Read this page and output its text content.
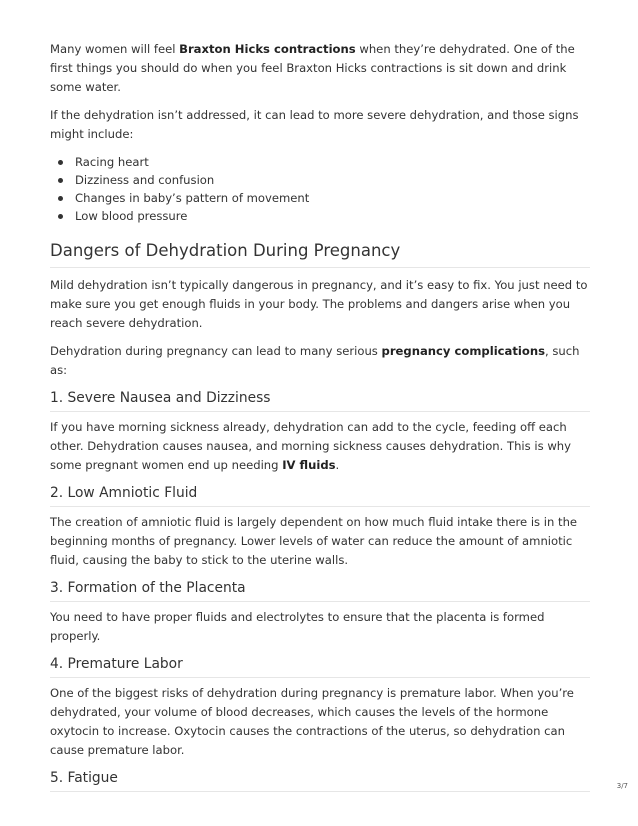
Many women will feel Braxton Hicks contractions when they’re dehydrated. One of the first things you should do when you feel Braxton Hicks contractions is sit down and drink some water.

If the dehydration isn’t addressed, it can lead to more severe dehydration, and those signs might include:

Racing heart
Dizziness and confusion
Changes in baby’s pattern of movement
Low blood pressure
Dangers of Dehydration During Pregnancy

Mild dehydration isn’t typically dangerous in pregnancy, and it’s easy to fix. You just need to make sure you get enough fluids in your body. The problems and dangers arise when you reach severe dehydration.

Dehydration during pregnancy can lead to many serious pregnancy complications, such as:

1. Severe Nausea and Dizziness

If you have morning sickness already, dehydration can add to the cycle, feeding off each other. Dehydration causes nausea, and morning sickness causes dehydration. This is why some pregnant women end up needing IV fluids.

2. Low Amniotic Fluid

The creation of amniotic fluid is largely dependent on how much fluid intake there is in the beginning months of pregnancy. Lower levels of water can reduce the amount of amniotic fluid, causing the baby to stick to the uterine walls.

3. Formation of the Placenta

You need to have proper fluids and electrolytes to ensure that the placenta is formed properly.

4. Premature Labor

One of the biggest risks of dehydration during pregnancy is premature labor. When you’re dehydrated, your volume of blood decreases, which causes the levels of the hormone oxytocin to increase. Oxytocin causes the contractions of the uterus, so dehydration can cause premature labor.

5. Fatigue	3/7
